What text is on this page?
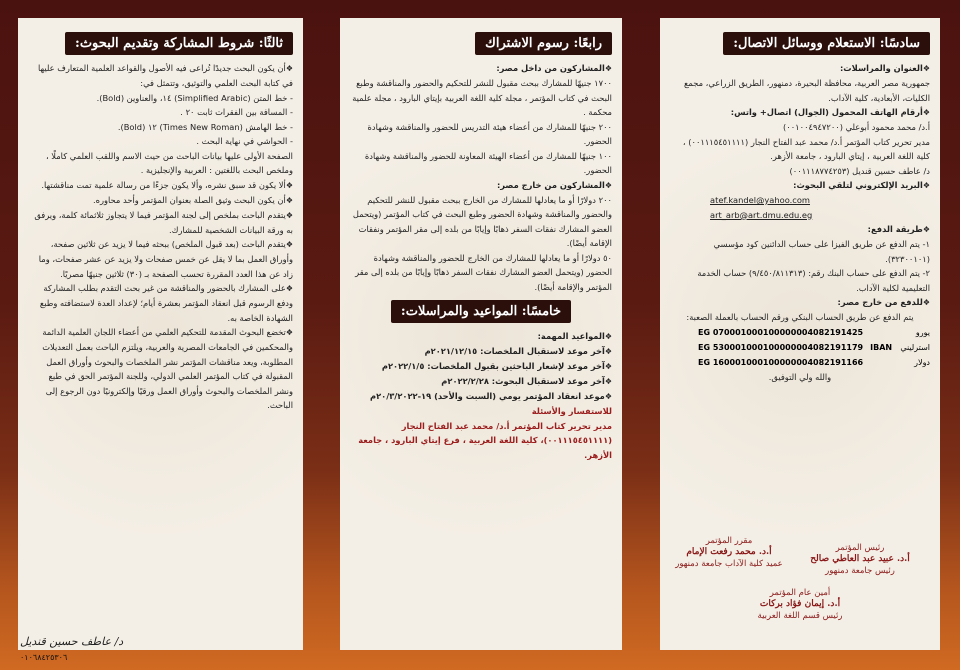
سادسًا: الاستعلام ووسائل الاتصال:

❖ العنوان والمراسلات:

جمهورية مصر العربية، محافظة البحيرة، دمنهور، الطريق الزراعي، مجمع الكليات، الأبعادية، كلية الآداب.

❖ أرقام الهاتف المحمول (الجوال) اتصال+ واتس:

أ.د/ محمد محمود أبوعلي (٠٠١٠٠٤٩٤٧٢٠٠)

مدير تحرير كتاب المؤتمر أ.د/ محمد عبد الفتاح النجار (٠٠١١١٥٤٥١١١١) ، كلية اللغة العربية ، إيتاي البارود ، جامعة الأزهر.

د/ عاطف حسين قنديل (٠٠١١١٨٧٧٤٢٥٣)

❖ البريد الإلكتروني لتلقي البحوث:

atef.kandel@yahoo.com

art_arb@art.dmu.edu.eg

❖ طريقة الدفع:

١- يتم الدفع عن طريق الفيزا على حساب الدائنين كود مؤسسي (٣٢٣٠٠١٠١).

٢- يتم الدفع على حساب البنك رقم: (٩/٤٥٠/٨١١٣١٣) حساب الخدمة التعليمية لكلية الآداب.

❖ للدفع من خارج مصر:

يتم الدفع عن طريق الحساب البنكي ورقم الحساب بالعملة الصعبة:

EG 070001000100000004082191425	يورو
EG 530001000100000004082191179 IBAN	استرليني
EG 160001000100000004082191166	دولار

والله ولي التوفيق.

رئيس المؤتمر
أ.د. عبيد عبد العاطي صالح
رئيس جامعة دمنهور
مقرر المؤتمر
أ.د. محمد رفعت الإمام
عميد كلية الآداب جامعة دمنهور
أمين عام المؤتمر
أ.د. إيمان فؤاد بركات
رئيس قسم اللغة العربية
رابعًا: رسوم الاشتراك

❖ المشاركون من داخل مصر:

١٧٠٠ جنيهًا للمشارك ببحث مقبول للنشر للتحكيم والحضور والمناقشة وطبع البحث في كتاب المؤتمر ، مجلة كلية اللغة العربية بإيتاي البارود ، مجلة علمية محكمة .

٢٠٠ جنيهًا للمشارك من أعضاء هيئة التدريس للحضور والمناقشة وشهادة الحضور.

١٠٠ جنيهًا للمشارك من أعضاء الهيئة المعاونة للحضور والمناقشة وشهادة الحضور.

❖ المشاركون من خارج مصر:

٢٠٠ دولارًا أو ما يعادلها للمشارك من الخارج ببحث مقبول للنشر للتحكيم والحضور والمناقشة وشهادة الحضور وطبع البحث في كتاب المؤتمر (ويتحمل العضو المشارك نفقات السفر ذهابًا وإيابًا من بلده إلى مقر المؤتمر ونفقات الإقامة أيضًا).

٥٠ دولارًا أو ما يعادلها للمشارك من الخارج للحضور والمناقشة وشهادة الحضور (ويتحمل العضو المشارك نفقات السفر ذهابًا وإيابًا من بلده إلى مقر المؤتمر والإقامة أيضًا).

خامسًا: المواعيد والمراسلات:

❖ المواعيد المهمة:

❖ آخر موعد لاستقبال الملخصات: ٢٠٢١/١٢/١٥م

❖ آخر موعد لإشعار الباحثين بقبول الملخصات: ٢٠٢٢/١/٥م

❖ آخر موعد لاستقبال البحوث: ٢٠٢٢/٢/٢٨م

❖ موعد انعقاد المؤتمر يومي (السبت والأحد) ١٩-٢٠/٣/٢٠٢٢م

للاستفسار والأسئلة

مدير تحرير كتاب المؤتمر أ.د/ محمد عبد الفتاح النجار (٠٠١١١٥٤٥١١١١)، كلية اللغة العربية ، فرع إيتاي البارود ، جامعة الأزهر.

ثالثًا: شروط المشاركة وتقديم البحوث:

❖ أن يكون البحث جديدًا تُراعى فيه الأصول والقواعد العلمية المتعارف عليها في كتابة البحث العلمي والتوثيق، وتتمثل في:

- خط المتن (Simplified Arabic) ١٤، والعناوين (Bold).

- المسافة بين الفقرات ثابت ٢٠ .

- خط الهامش (Times New Roman) ١٢ (Bold).

- الحواشي في نهاية البحث .

الصفحة الأولى عليها بيانات الباحث من حيث الاسم واللقب العلمي كاملًا ، وملخص البحث باللغتين : العربية والإنجليزية .

❖ ألا يكون قد سبق نشره، وألا يكون جزءًا من رسالة علمية تمت مناقشتها.

❖ أن يكون البحث وثيق الصلة بعنوان المؤتمر وأحد محاوره.

❖ يتقدم الباحث بملخص إلى لجنة المؤتمر فيما لا يتجاوز ثلاثمائة كلمة، ويرفق به ورقة البيانات الشخصية للمشارك.

❖ يتقدم الباحث (بعد قبول الملخص) ببحثه فيما لا يزيد عن ثلاثين صفحة، وأوراق العمل بما لا يقل عن خمس صفحات ولا يزيد عن عشر صفحات، وما زاد عن هذا العدد المقررة تحسب الصفحة بـ (٣٠) ثلاثين جنيهًا مصريًا.

❖ على المشارك بالحضور والمناقشة من غير بحث التقدم بطلب المشاركة ودفع الرسوم قبل انعقاد المؤتمر بعشرة أيام؛ لإعداد العدة لاستضافته وطبع الشهادة الخاصة به.

❖ تخضع البحوث المقدمة للتحكيم العلمي من أعضاء اللجان العلمية الدائمة والمحكمين في الجامعات المصرية والعربية، ويلتزم الباحث بعمل التعديلات المطلوبة، ويعد مناقشات المؤتمر نشر الملخصات والبحوث وأوراق العمل المقبولة في كتاب المؤتمر العلمي الدولي، وللجنة المؤتمر الحق في طبع ونشر الملخصات والبحوث وأوراق العمل ورقيًا وإلكترونيًا دون الرجوع إلى الباحث.

د/ عاطف حسين قنديل
٠١٠٦٨٤٢٥٣٠٦
